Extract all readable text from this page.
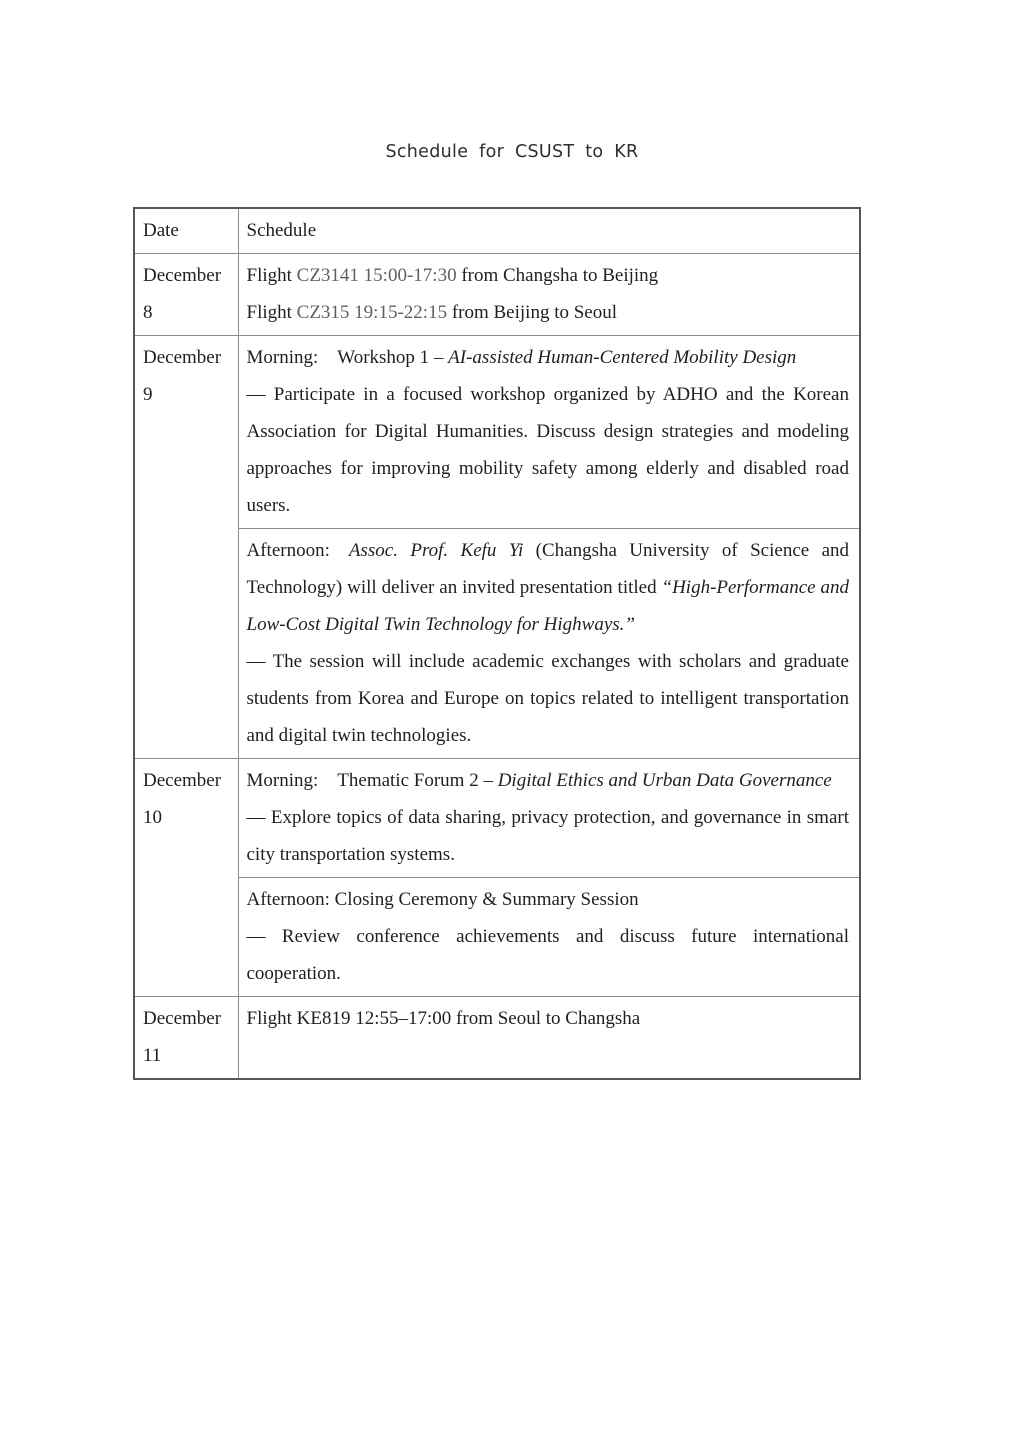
Schedule for CSUST to KR
Date	Schedule
December 8	Flight CZ3141 15:00-17:30 from Changsha to Beijing

Flight CZ315 19:15-22:15 from Beijing to Seoul

December 9	Morning: Workshop 1 – AI-assisted Human-Centered Mobility Design

— Participate in a focused workshop organized by ADHO and the Korean Association for Digital Humanities. Discuss design strategies and modeling approaches for improving mobility safety among elderly and disabled road users.

	Afternoon: Assoc. Prof. Kefu Yi (Changsha University of Science and Technology) will deliver an invited presentation titled “High-Performance and Low-Cost Digital Twin Technology for Highways.”

— The session will include academic exchanges with scholars and graduate students from Korea and Europe on topics related to intelligent transportation and digital twin technologies.

December 10	Morning: Thematic Forum 2 – Digital Ethics and Urban Data Governance

— Explore topics of data sharing, privacy protection, and governance in smart city transportation systems.

	Afternoon: Closing Ceremony & Summary Session

— Review conference achievements and discuss future international cooperation.

December 11	Flight KE819 12:55–17:00 from Seoul to Changsha
